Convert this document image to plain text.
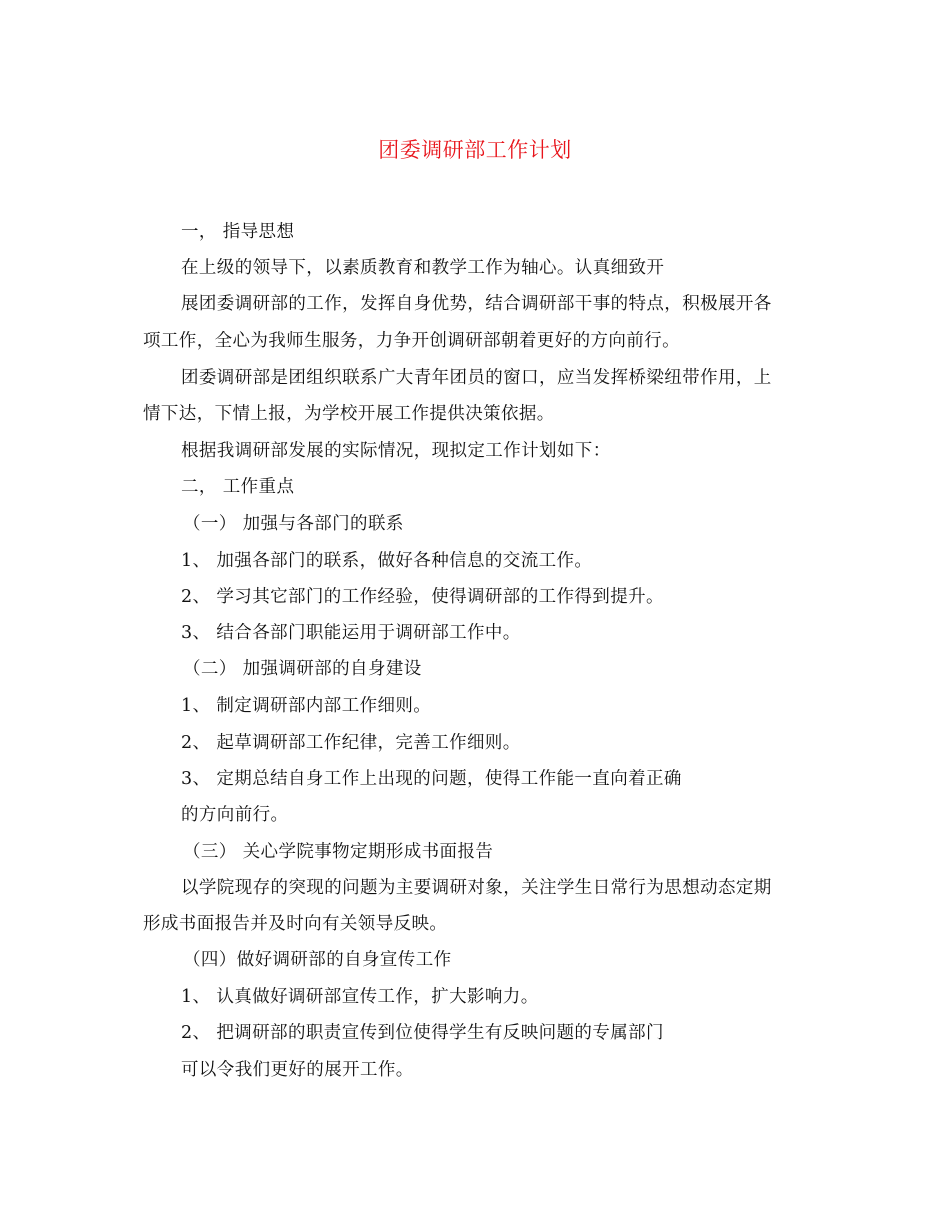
团委调研部工作计划
一， 指导思想
在上级的领导下，以素质教育和教学工作为轴心。认真细致开
展团委调研部的工作，发挥自身优势，结合调研部干事的特点，积极展开各
项工作，全心为我师生服务，力争开创调研部朝着更好的方向前行。
团委调研部是团组织联系广大青年团员的窗口，应当发挥桥梁纽带作用，上
情下达，下情上报，为学校开展工作提供决策依据。
根据我调研部发展的实际情况，现拟定工作计划如下：
二， 工作重点
（一） 加强与各部门的联系
1、 加强各部门的联系，做好各种信息的交流工作。
2、 学习其它部门的工作经验，使得调研部的工作得到提升。
3、 结合各部门职能运用于调研部工作中。
（二） 加强调研部的自身建设
1、 制定调研部内部工作细则。
2、 起草调研部工作纪律，完善工作细则。
3、 定期总结自身工作上出现的问题，使得工作能一直向着正确
的方向前行。
（三） 关心学院事物定期形成书面报告
以学院现存的突现的问题为主要调研对象，关注学生日常行为思想动态定期
形成书面报告并及时向有关领导反映。
（四）做好调研部的自身宣传工作
1、 认真做好调研部宣传工作，扩大影响力。
2、 把调研部的职责宣传到位使得学生有反映问题的专属部门
可以令我们更好的展开工作。
